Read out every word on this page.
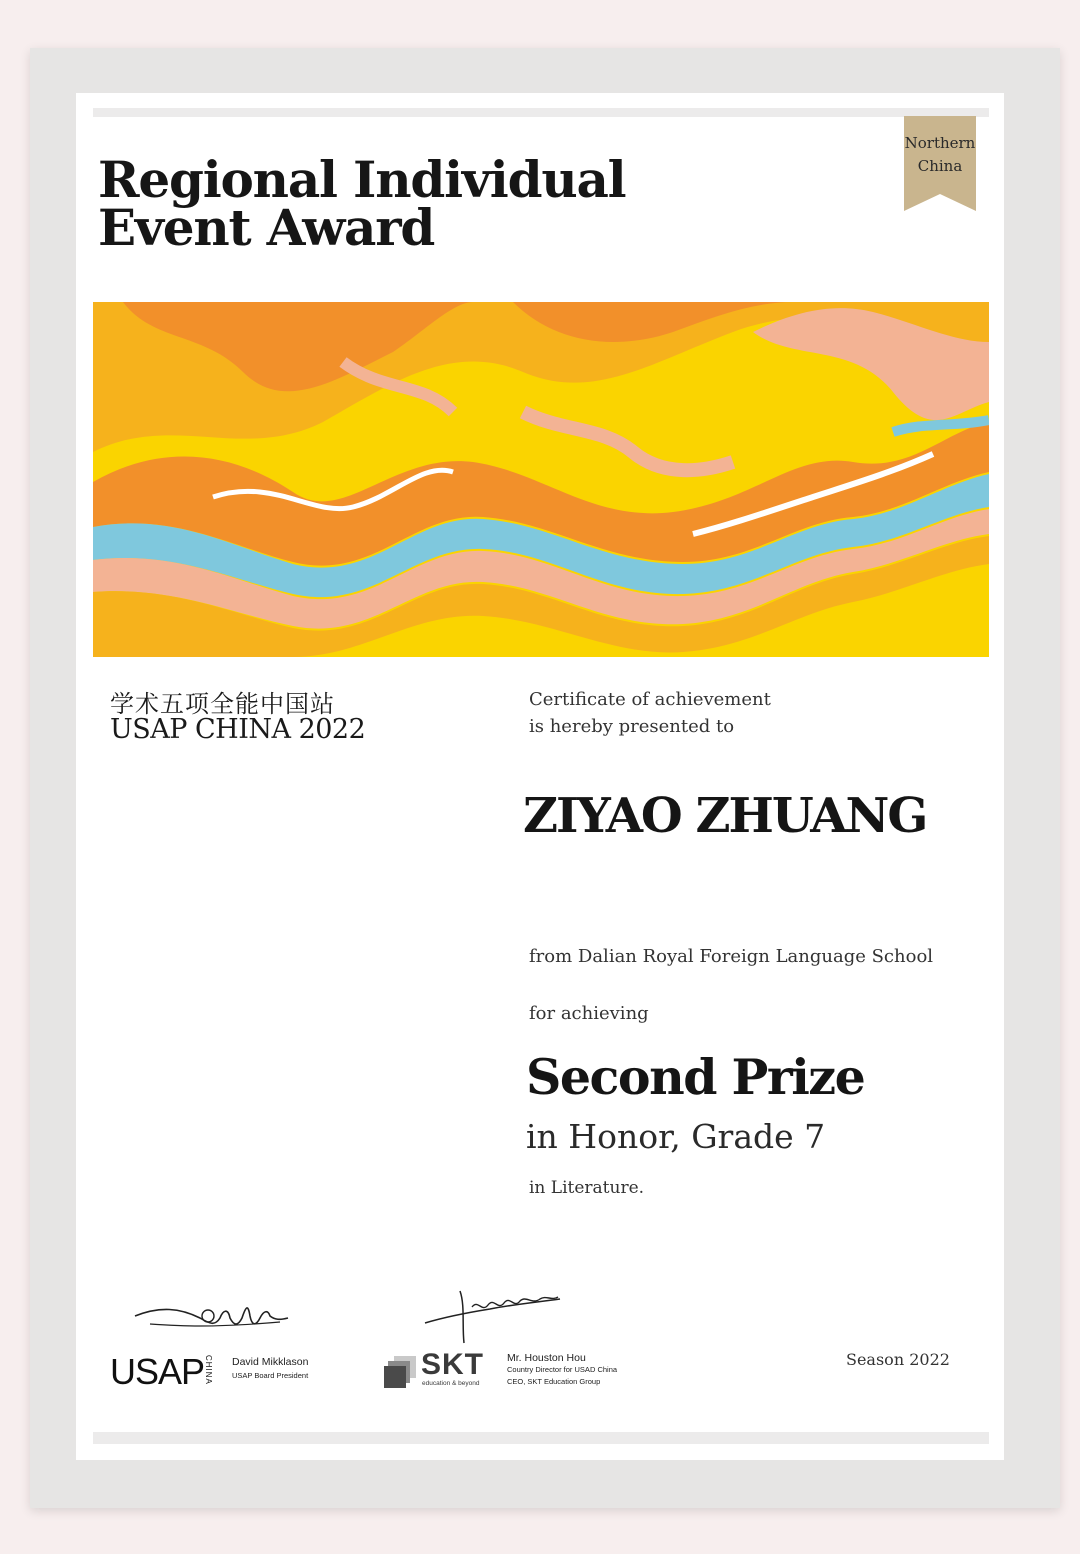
Regional Individual
Event Award
Northern
China
学术五项全能中国站
USAP CHINA 2022
Certificate of achievement
is hereby presented to
ZIYAO ZHUANG
from Dalian Royal Foreign Language School
for achieving
Second Prize
in Honor, Grade 7
in Literature.
USAP CHINA David Mikklason
USAP Board President	SKT
education & beyond
Mr. Houston Hou
Country Director for USAD China
CEO, SKT Education Group
Season 2022
